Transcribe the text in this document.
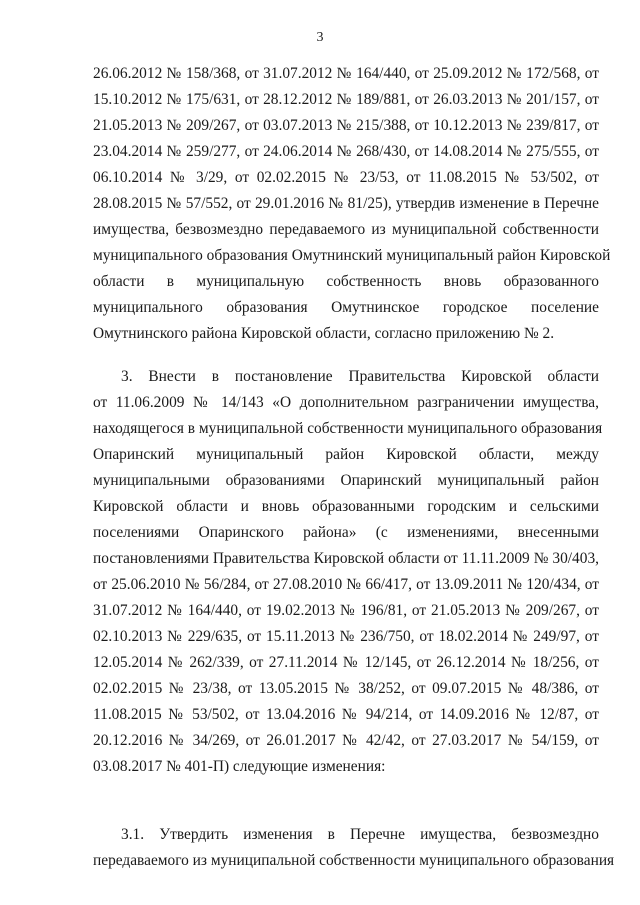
3
26.06.2012 № 158/368, от 31.07.2012 № 164/440, от 25.09.2012 № 172/568, от
15.10.2012 № 175/631, от 28.12.2012 № 189/881, от 26.03.2013 № 201/157, от
21.05.2013 № 209/267, от 03.07.2013 № 215/388, от 10.12.2013 № 239/817, от
23.04.2014 № 259/277, от 24.06.2014 № 268/430, от 14.08.2014 № 275/555, от
06.10.2014 № 3/29, от 02.02.2015 № 23/53, от 11.08.2015 № 53/502, от
28.08.2015 № 57/552, от 29.01.2016 № 81/25), утвердив изменение в Перечне
имущества, безвозмездно передаваемого из муниципальной собственности
муниципального образования Омутнинский муниципальный район Кировской
области в муниципальную собственность вновь образованного
муниципального образования Омутнинское городское поселение
Омутнинского района Кировской области, согласно приложению № 2.
3. Внести в постановление Правительства Кировской области
от 11.06.2009 № 14/143 «О дополнительном разграничении имущества,
находящегося в муниципальной собственности муниципального образования
Опаринский муниципальный район Кировской области, между
муниципальными образованиями Опаринский муниципальный район
Кировской области и вновь образованными городским и сельскими
поселениями Опаринского района» (с изменениями, внесенными
постановлениями Правительства Кировской области от 11.11.2009 № 30/403,
от 25.06.2010 № 56/284, от 27.08.2010 № 66/417, от 13.09.2011 № 120/434, от
31.07.2012 № 164/440, от 19.02.2013 № 196/81, от 21.05.2013 № 209/267, от
02.10.2013 № 229/635, от 15.11.2013 № 236/750, от 18.02.2014 № 249/97, от
12.05.2014 № 262/339, от 27.11.2014 № 12/145, от 26.12.2014 № 18/256, от
02.02.2015 № 23/38, от 13.05.2015 № 38/252, от 09.07.2015 № 48/386, от
11.08.2015 № 53/502, от 13.04.2016 № 94/214, от 14.09.2016 № 12/87, от
20.12.2016 № 34/269, от 26.01.2017 № 42/42, от 27.03.2017 № 54/159, от
03.08.2017 № 401-П) следующие изменения:
3.1. Утвердить изменения в Перечне имущества, безвозмездно
передаваемого из муниципальной собственности муниципального образования
